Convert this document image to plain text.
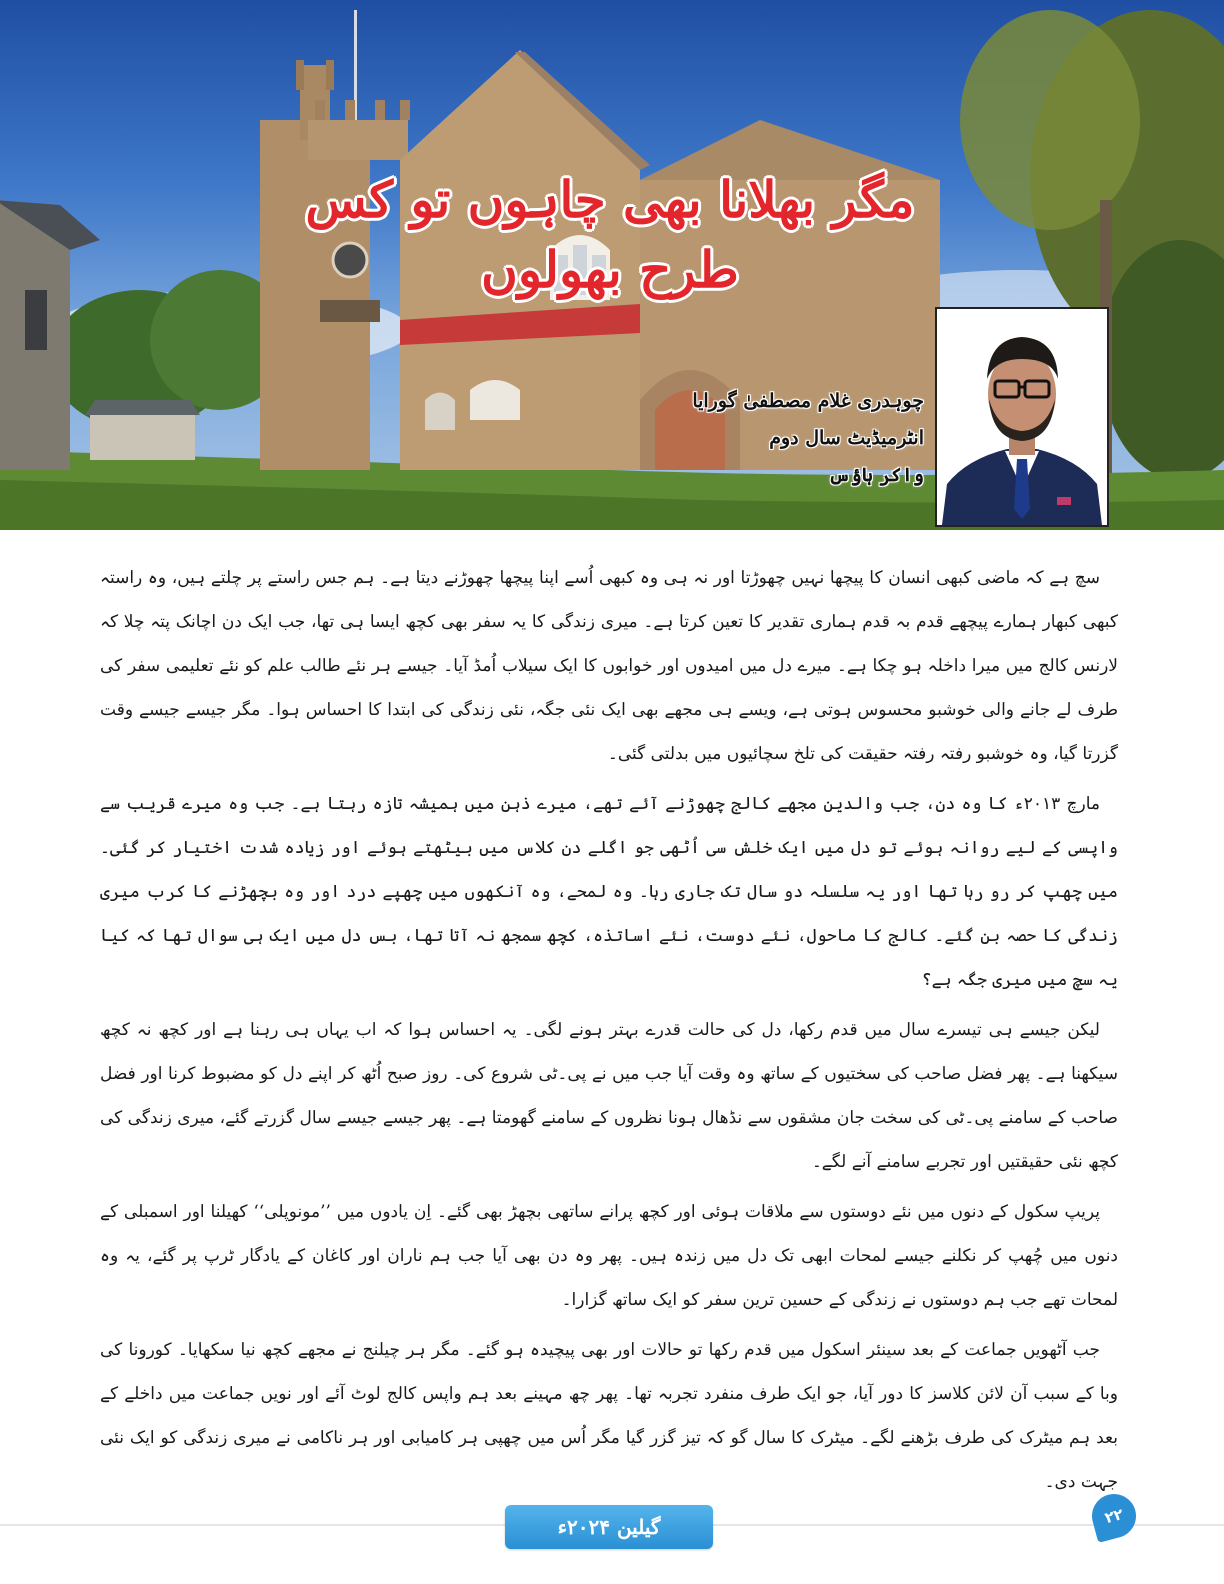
مگر بھلانا بھی چاہوں تو کس طرح بھولوں
چوہدری غلام مصطفیٰ گورایا
انٹرمیڈیٹ سال دوم
واکر ہاؤس

سچ ہے کہ ماضی کبھی انسان کا پیچھا نہیں چھوڑتا اور نہ ہی وہ کبھی اُسے اپنا پیچھا چھوڑنے دیتا ہے۔ ہم جس راستے پر چلتے ہیں، وہ راستہ کبھی کبھار ہمارے پیچھے قدم بہ قدم ہماری تقدیر کا تعین کرتا ہے۔ میری زندگی کا یہ سفر بھی کچھ ایسا ہی تھا، جب ایک دن اچانک پتہ چلا کہ لارنس کالج میں میرا داخلہ ہو چکا ہے۔ میرے دل میں امیدوں اور خوابوں کا ایک سیلاب اُمڈ آیا۔ جیسے ہر نئے طالب علم کو نئے تعلیمی سفر کی طرف لے جانے والی خوشبو محسوس ہوتی ہے، ویسے ہی مجھے بھی ایک نئی جگہ، نئی زندگی کی ابتدا کا احساس ہوا۔ مگر جیسے جیسے وقت گزرتا گیا، وہ خوشبو رفتہ رفتہ حقیقت کی تلخ سچائیوں میں بدلتی گئی۔

مارچ ۲۰۱۳ء کا وہ دن، جب والدین مجھے کالج چھوڑنے آئے تھے، میرے ذہن میں ہمیشہ تازہ رہتا ہے۔ جب وہ میرے قریب سے واپسی کے لیے روانہ ہوئے تو دل میں ایک خلش سی اُٹھی جو اگلے دن کلاس میں بیٹھتے ہوئے اور زیادہ شدت اختیار کر گئی۔ میں چھپ کر رو رہا تھا اور یہ سلسلہ دو سال تک جاری رہا۔ وہ لمحے، وہ آنکھوں میں چھپے درد اور وہ بچھڑنے کا کرب میری زندگی کا حصہ بن گئے۔ کالج کا ماحول، نئے دوست، نئے اساتذہ، کچھ سمجھ نہ آتا تھا، بس دل میں ایک ہی سوال تھا کہ کیا یہ سچ میں میری جگہ ہے؟

لیکن جیسے ہی تیسرے سال میں قدم رکھا، دل کی حالت قدرے بہتر ہونے لگی۔ یہ احساس ہوا کہ اب یہاں ہی رہنا ہے اور کچھ نہ کچھ سیکھنا ہے۔ پھر فضل صاحب کی سختیوں کے ساتھ وہ وقت آیا جب میں نے پی۔ٹی شروع کی۔ روز صبح اُٹھ کر اپنے دل کو مضبوط کرنا اور فضل صاحب کے سامنے پی۔ٹی کی سخت جان مشقوں سے نڈھال ہونا نظروں کے سامنے گھومتا ہے۔ پھر جیسے جیسے سال گزرتے گئے، میری زندگی کی کچھ نئی حقیقتیں اور تجربے سامنے آنے لگے۔

پریپ سکول کے دنوں میں نئے دوستوں سے ملاقات ہوئی اور کچھ پرانے ساتھی بچھڑ بھی گئے۔ اِن یادوں میں ’’مونوپلی‘‘ کھیلنا اور اسمبلی کے دنوں میں چُھپ کر نکلنے جیسے لمحات ابھی تک دل میں زندہ ہیں۔ پھر وہ دن بھی آیا جب ہم ناران اور کاغان کے یادگار ٹرپ پر گئے، یہ وہ لمحات تھے جب ہم دوستوں نے زندگی کے حسین ترین سفر کو ایک ساتھ گزارا۔

جب آٹھویں جماعت کے بعد سینئر اسکول میں قدم رکھا تو حالات اور بھی پیچیدہ ہو گئے۔ مگر ہر چیلنج نے مجھے کچھ نیا سکھایا۔ کورونا کی وبا کے سبب آن لائن کلاسز کا دور آیا، جو ایک طرف منفرد تجربہ تھا۔ پھر چھ مہینے بعد ہم واپس کالج لوٹ آئے اور نویں جماعت میں داخلے کے بعد ہم میٹرک کی طرف بڑھنے لگے۔ میٹرک کا سال گو کہ تیز گزر گیا مگر اُس میں چھپی ہر کامیابی اور ہر ناکامی نے میری زندگی کو ایک نئی جہت دی۔

گیلین ۲۰۲۴ء	۲۲
